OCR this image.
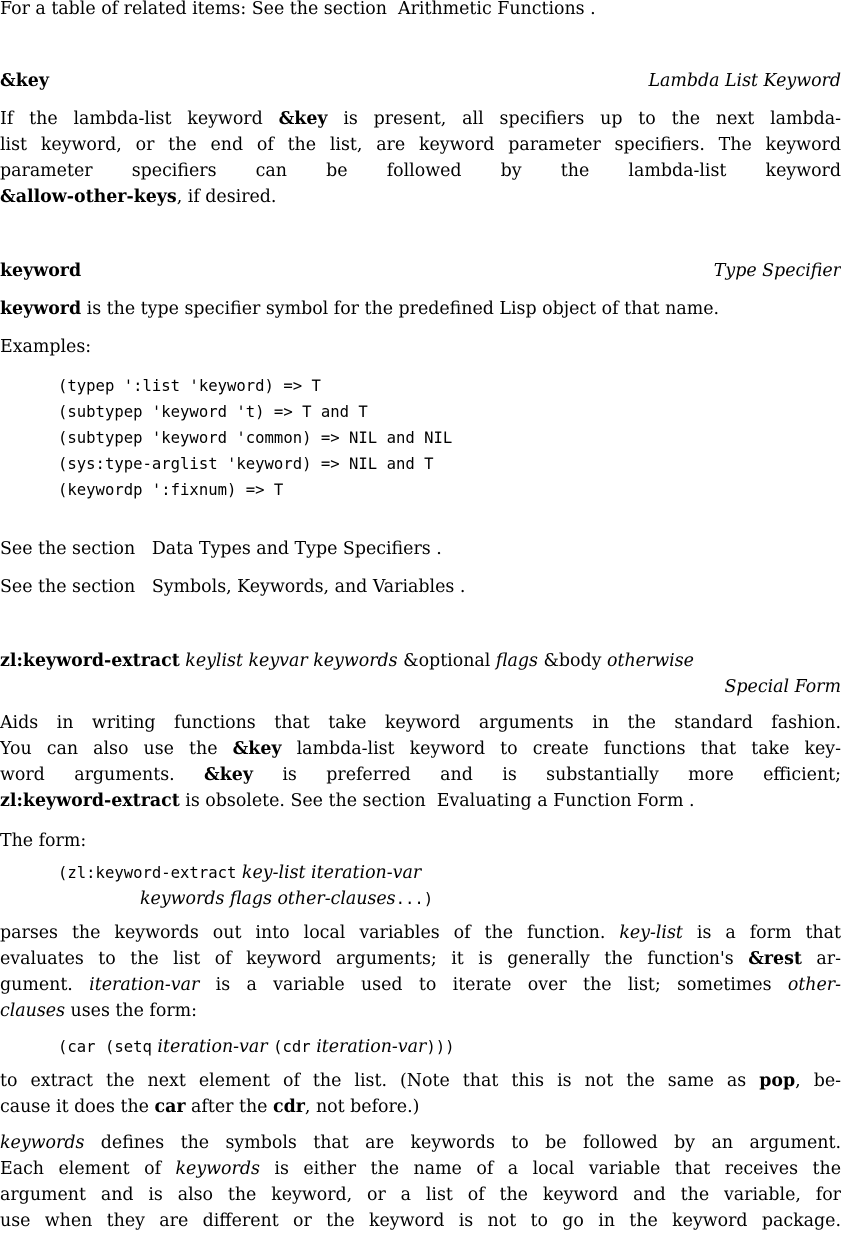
For a table of related items: See the section Arithmetic Functions .
&key	Lambda List Keyword
If the lambda-list keyword &key is present, all specifiers up to the next lambda-
list keyword, or the end of the list, are keyword parameter specifiers. The keyword
parameter specifiers can be followed by the lambda-list keyword
&allow-other-keys, if desired.
keyword	Type Specifier
keyword is the type specifier symbol for the predefined Lisp object of that name.
Examples:
(typep ':list 'keyword) => T
(subtypep 'keyword 't) => T and T
(subtypep 'keyword 'common) => NIL and NIL
(sys:type-arglist 'keyword) => NIL and T
(keywordp ':fixnum) => T
See the section Data Types and Type Specifiers .
See the section Symbols, Keywords, and Variables .
zl:keyword-extract keylist keyvar keywords &optional flags &body otherwise
Special Form
Aids in writing functions that take keyword arguments in the standard fashion.
You can also use the &key lambda-list keyword to create functions that take key-
word arguments. &key is preferred and is substantially more efficient;
zl:keyword-extract is obsolete. See the section Evaluating a Function Form .
The form:
(zl:keyword-extract key-list iteration-var
keywords flags other-clauses...)
parses the keywords out into local variables of the function. key-list is a form that
evaluates to the list of keyword arguments; it is generally the function's &rest ar-
gument. iteration-var is a variable used to iterate over the list; sometimes other-
clauses uses the form:
(car (setq iteration-var (cdr iteration-var)))
to extract the next element of the list. (Note that this is not the same as pop, be-
cause it does the car after the cdr, not before.)
keywords defines the symbols that are keywords to be followed by an argument.
Each element of keywords is either the name of a local variable that receives the
argument and is also the keyword, or a list of the keyword and the variable, for
use when they are different or the keyword is not to go in the keyword package.
